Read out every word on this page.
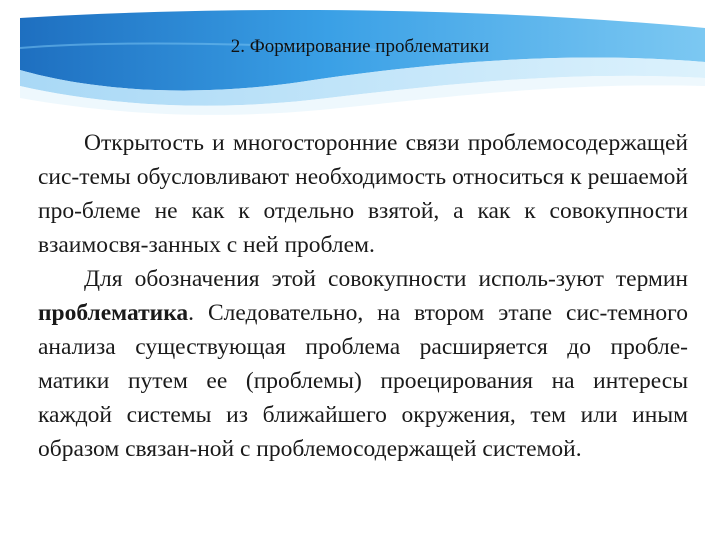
2. Формирование проблематики

Открытость и многосторонние связи проблемосодержащей сис-темы обусловливают необходимость относиться к решаемой про-блеме не как к отдельно взятой, а как к совокупности взаимосвя-занных с ней проблем.

Для обозначения этой совокупности исполь-зуют термин проблематика. Следовательно, на втором этапе сис-темного анализа существующая проблема расширяется до пробле-матики путем ее (проблемы) проецирования на интересы каждой системы из ближайшего окружения, тем или иным образом связан-ной с проблемосодержащей системой.
